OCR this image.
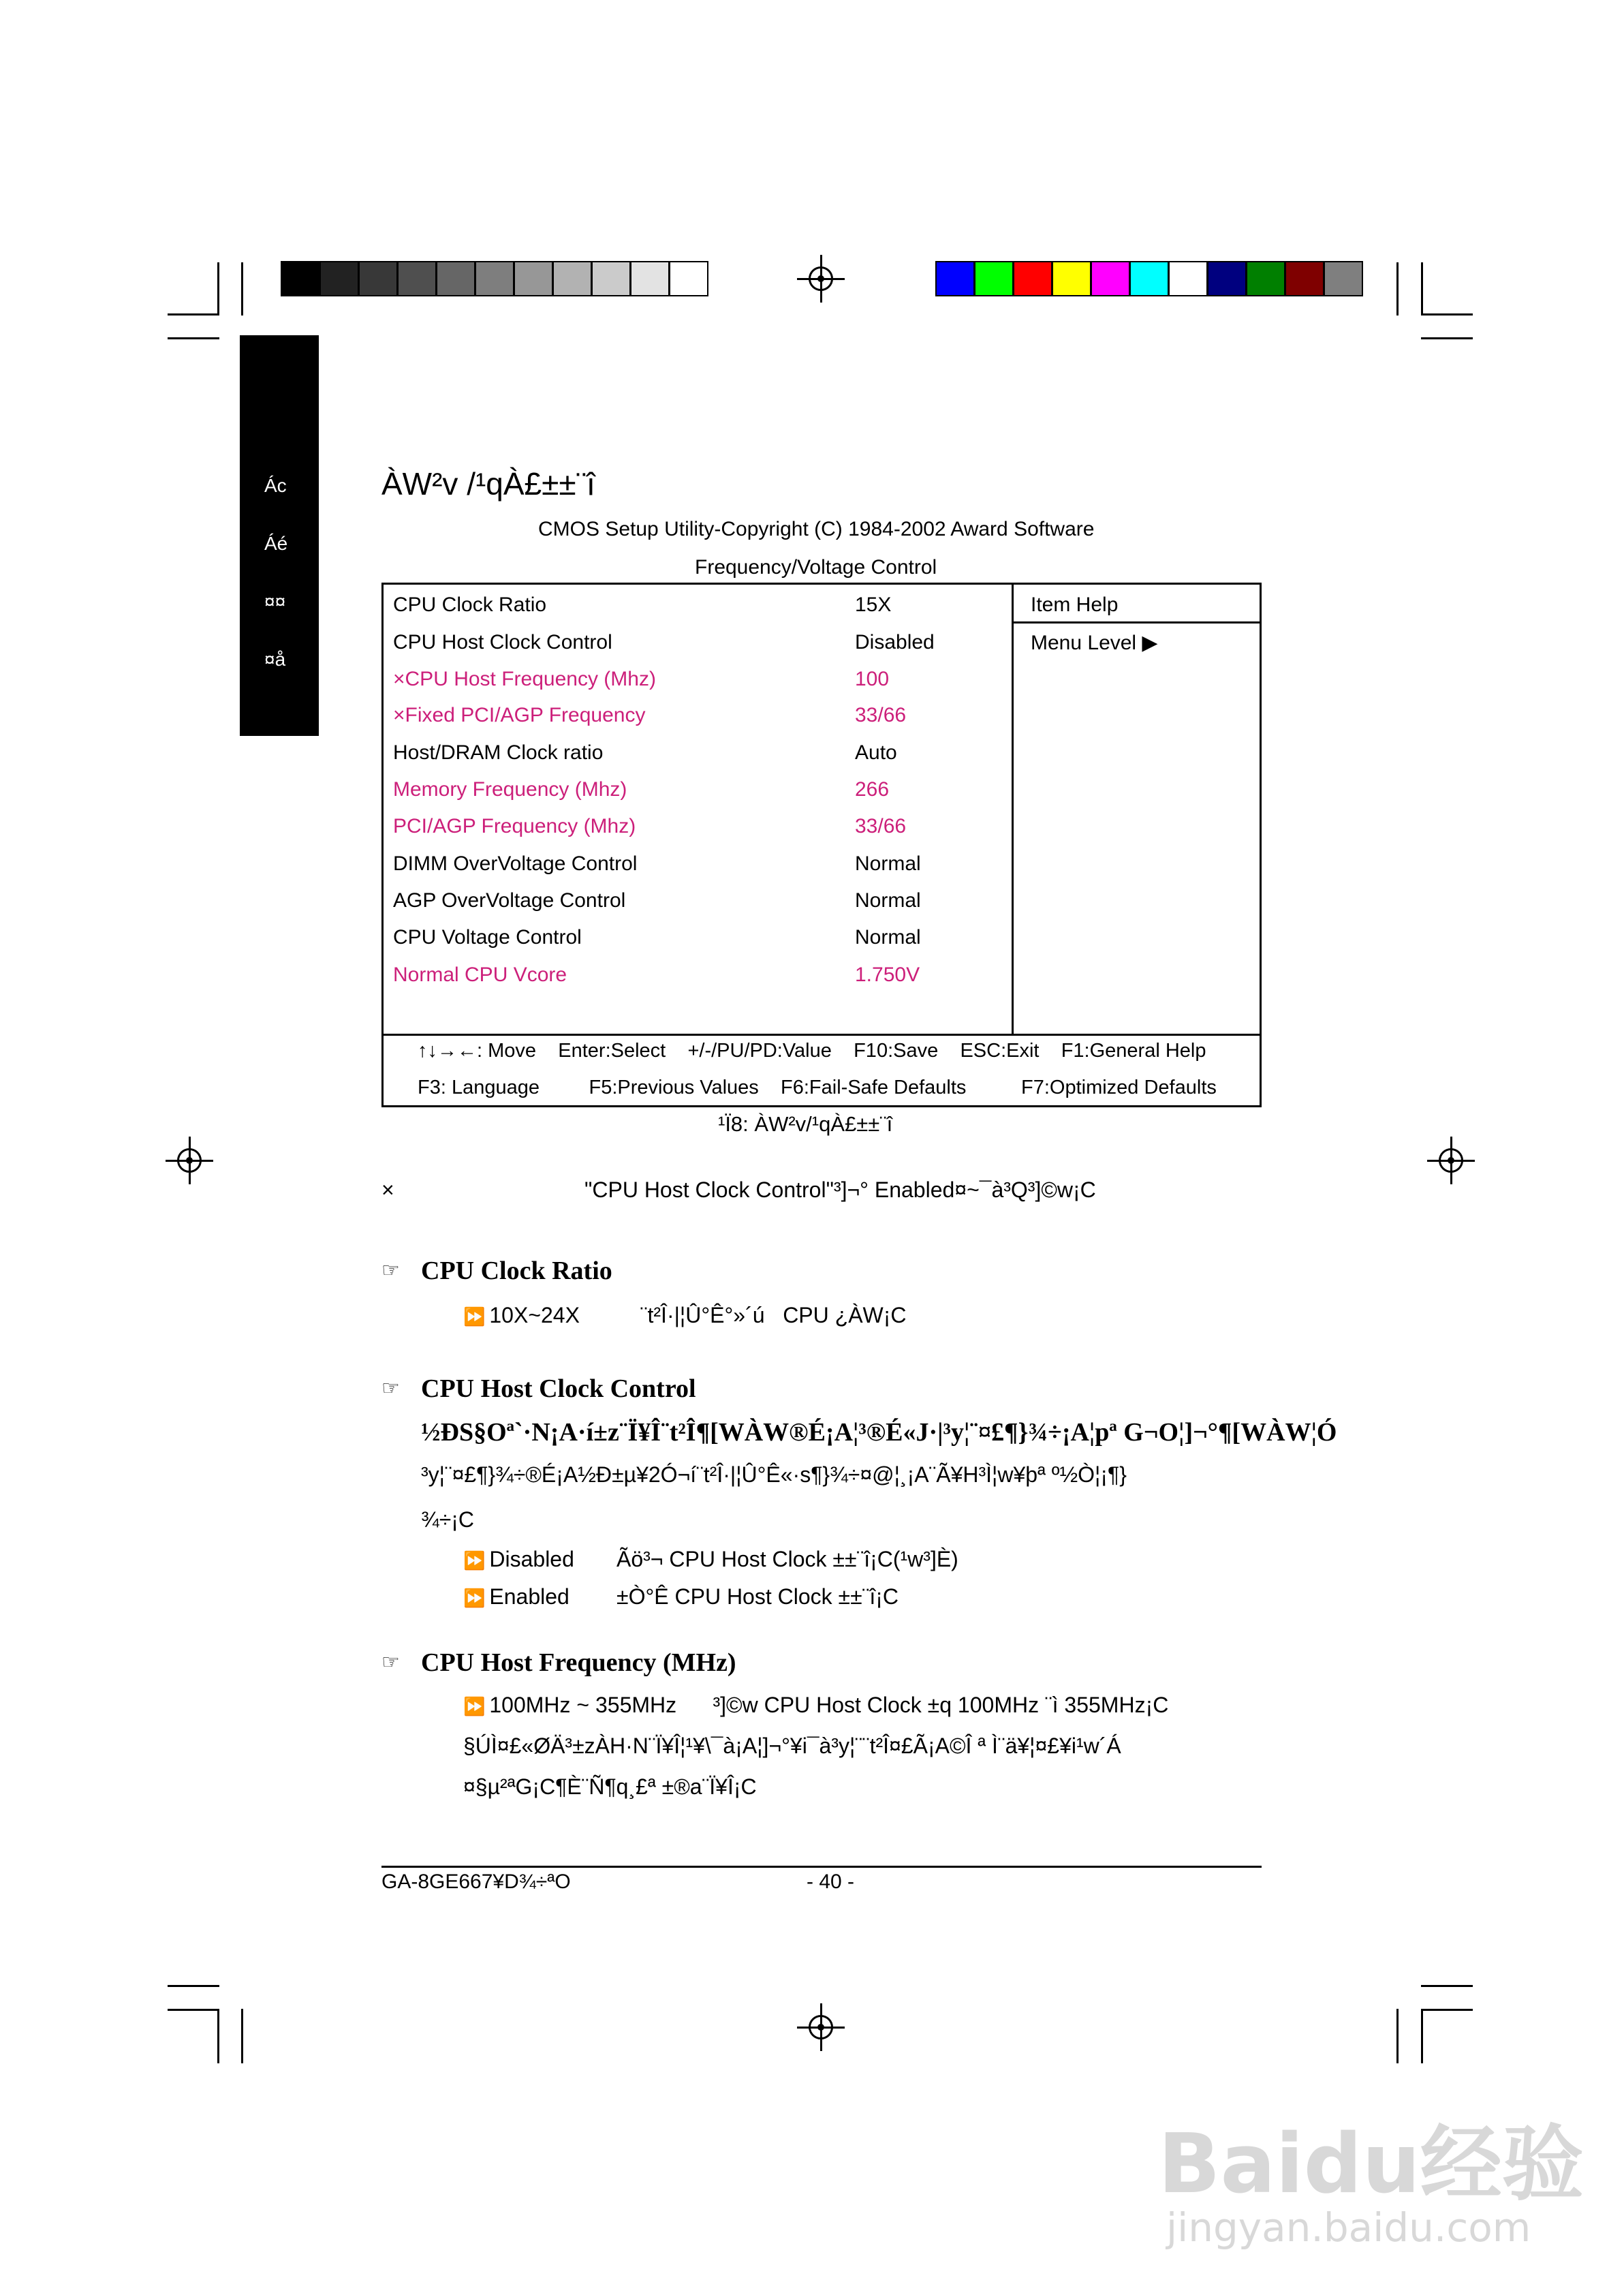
Ác
Áé
¤¤
¤å
ÀW²v /¹qÀ£±±¨î
CMOS Setup Utility-Copyright (C) 1984-2002 Award Software
Frequency/Voltage Control
Item Help
Menu Level ▶
CPU Clock Ratio	15X
CPU Host Clock Control	Disabled
×CPU Host Frequency (Mhz)	100
×Fixed PCI/AGP Frequency	33/66
Host/DRAM Clock ratio	Auto
Memory Frequency (Mhz)	266
PCI/AGP Frequency (Mhz)	33/66
DIMM OverVoltage Control	Normal
AGP OverVoltage Control	Normal
CPU Voltage Control	Normal
Normal CPU Vcore	1.750V
↑↓→←: Move    Enter:Select    +/-/PU/PD:Value    F10:Save    ESC:Exit    F1:General Help
F3: Language         F5:Previous Values    F6:Fail-Safe Defaults          F7:Optimized Defaults
¹Ï8: ÀW²v/¹qÀ£±±¨î
×	"CPU Host Clock Control"³]¬° Enabled¤~¯à³Q³]©w¡C
☞ CPU Clock Ratio
⏩ 10X~24X          ¨t²Î·|¦Û°Ê°»´ú   CPU ¿ÀW¡C
☞ CPU Host Clock Control
½ÐS§Oª`·N¡A·í±z¨Ï¥Î¨t²Î¶[WÀW®É¡A¦³®É«J·|³y¦¨¤£¶}¾÷¡A¦pª G¬O¦]¬°¶[WÀW¦Ó
³y¦¨¤£¶}¾÷®É¡A½Ð±µ¥2Ó¬í¨t²Î·|¦Û°Ê«·s¶}¾÷¤@¦¸¡A¨Ã¥H³Ì¦w¥þª º½Ò¦¡¶}
¾÷¡C
⏩ Disabled Ãö³¬ CPU Host Clock ±±¨î¡C(¹w³]È)
⏩ Enabled ±Ò°Ê CPU Host Clock ±±¨î¡C
☞ CPU Host Frequency (MHz)
⏩ 100MHz ~ 355MHz      ³]©w CPU Host Clock ±q 100MHz ¨ì 355MHz¡C
§ÚÌ¤£«ØÄ³±zÀH·N¨Ï¥Î¦¹¥\¯à¡A¦]¬°¥i¯à³y¦¨¨t²Î¤£Ã¡A©Î ª Ì¨ä¥¦¤£¥i¹w´Á
¤§µ²ªG¡C¶È¨Ñ¶q¸£ª ±®a¨Ï¥Î¡C
GA-8GE667¥D¾÷ªO	- 40 -
Baidu经验
jingyan.baidu.com
